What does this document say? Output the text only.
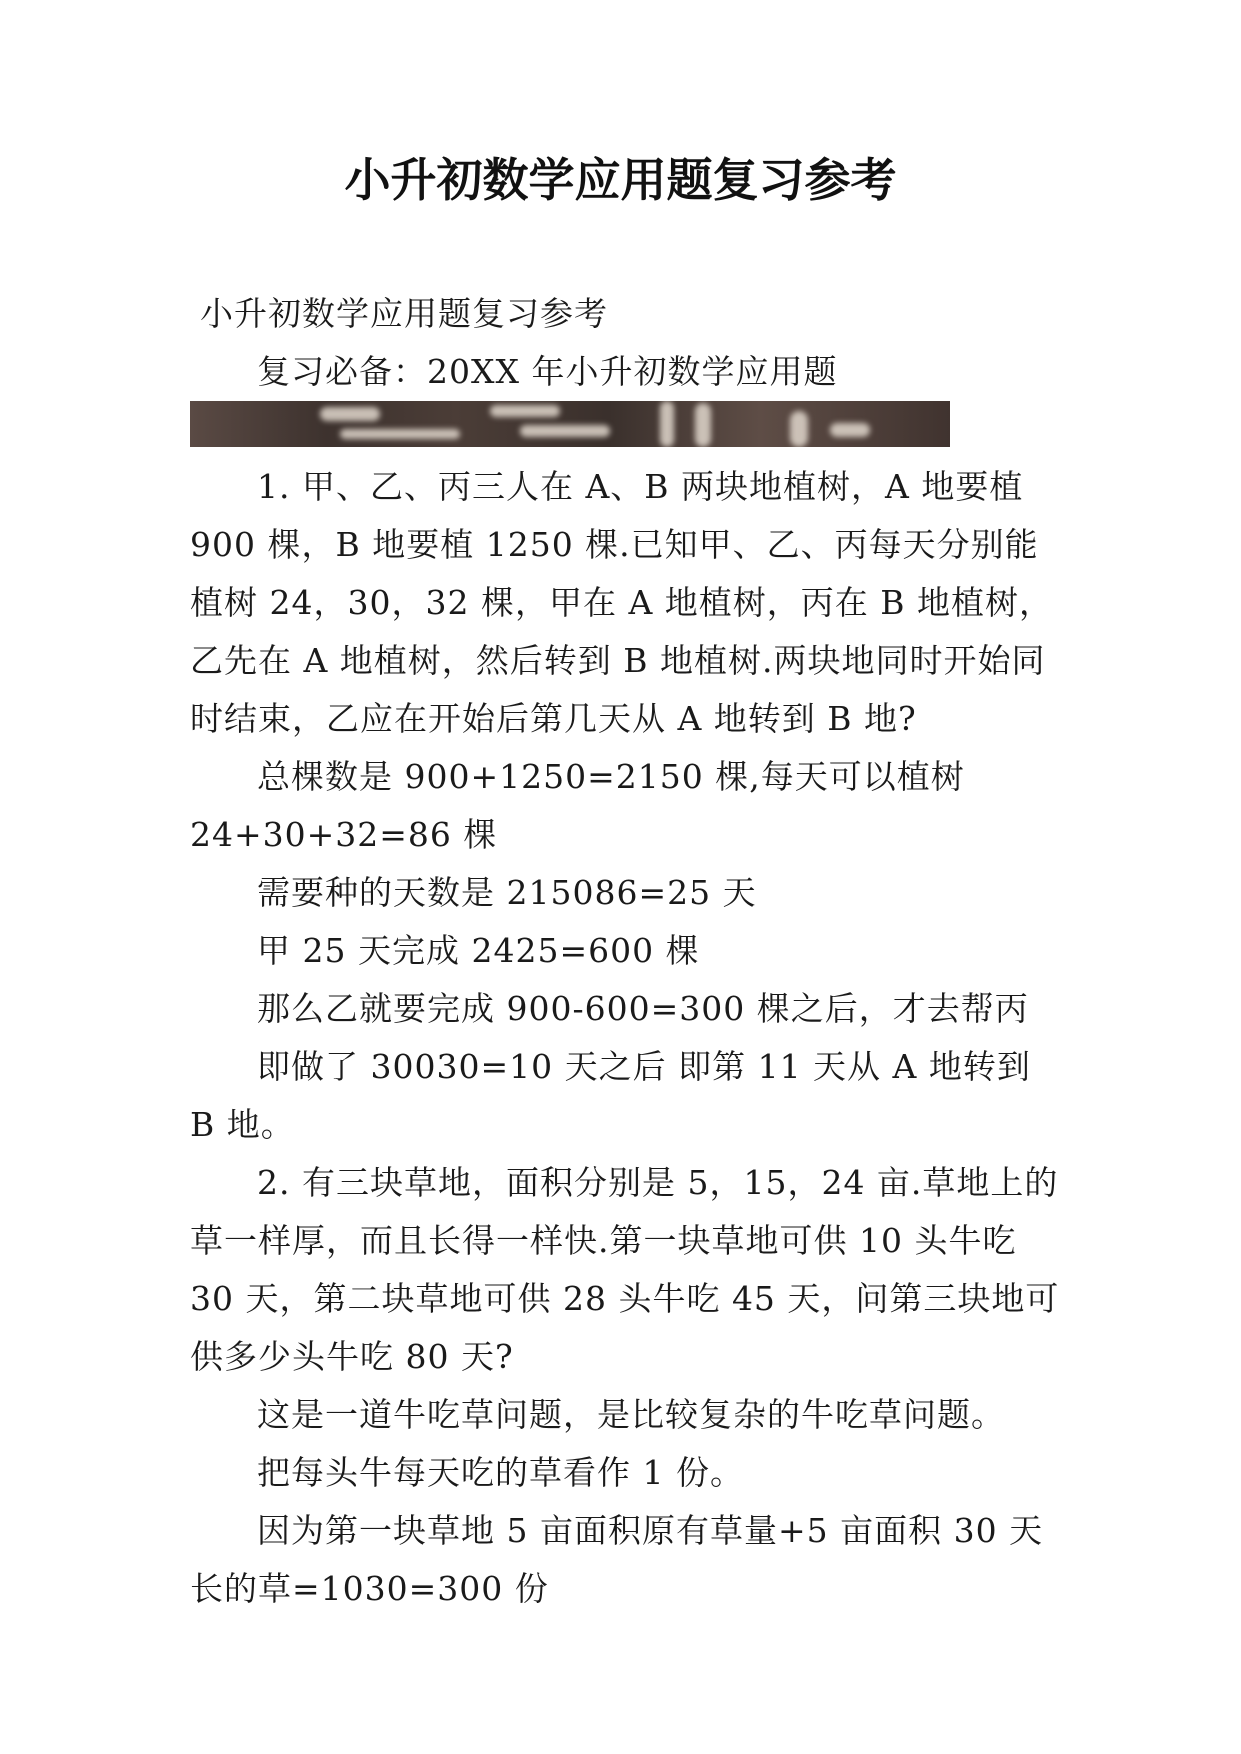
小升初数学应用题复习参考
小升初数学应用题复习参考

复习必备：20XX 年小升初数学应用题

1. 甲、乙、丙三人在 A、B 两块地植树，A 地要植 900 棵，B 地要植 1250 棵.已知甲、乙、丙每天分别能植树 24，30，32 棵，甲在 A 地植树，丙在 B 地植树，乙先在 A 地植树，然后转到 B 地植树.两块地同时开始同时结束，乙应在开始后第几天从 A 地转到 B 地?

总棵数是 900+1250=2150 棵,每天可以植树 24+30+32=86 棵

需要种的天数是 215086=25 天

甲 25 天完成 2425=600 棵

那么乙就要完成 900-600=300 棵之后，才去帮丙

即做了 30030=10 天之后 即第 11 天从 A 地转到 B 地。

2. 有三块草地，面积分别是 5，15，24 亩.草地上的草一样厚，而且长得一样快.第一块草地可供 10 头牛吃 30 天，第二块草地可供 28 头牛吃 45 天，问第三块地可供多少头牛吃 80 天?

这是一道牛吃草问题，是比较复杂的牛吃草问题。

把每头牛每天吃的草看作 1 份。

因为第一块草地 5 亩面积原有草量+5 亩面积 30 天长的草=1030=300 份
